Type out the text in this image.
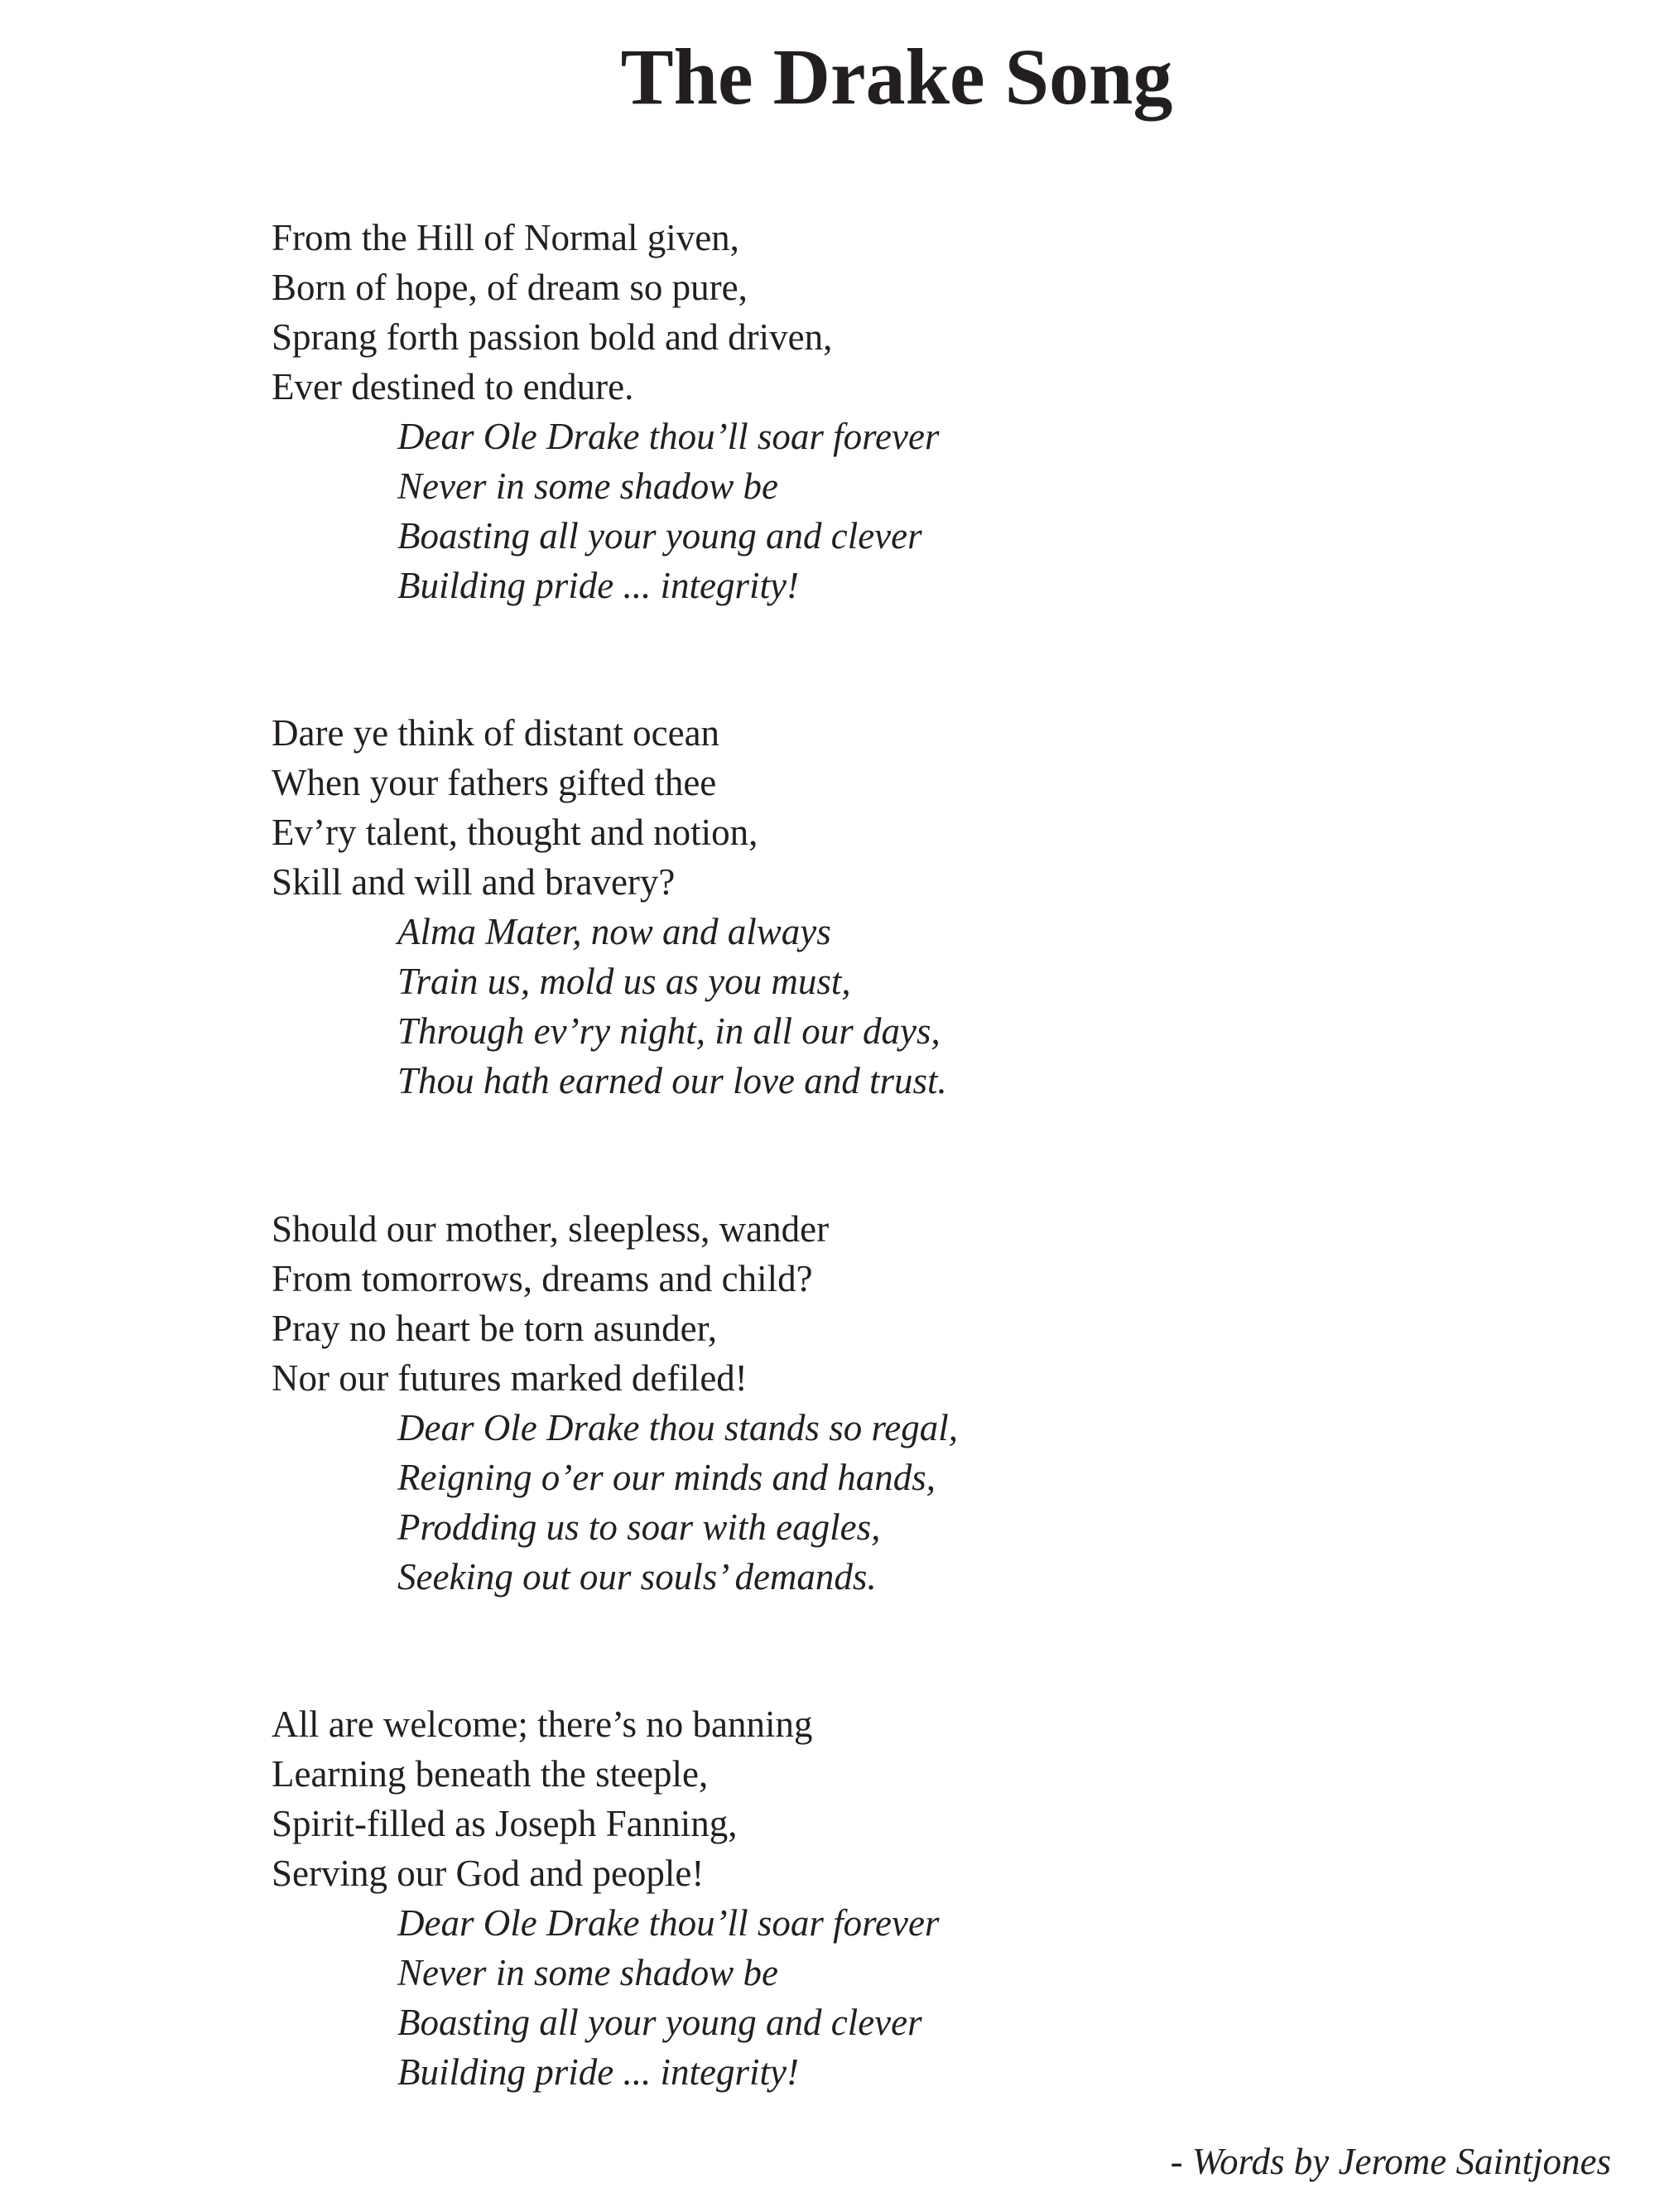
The Drake Song
From the Hill of Normal given,
Born of hope, of dream so pure,
Sprang forth passion bold and driven,
Ever destined to endure.
Dear Ole Drake thou’ll soar forever
Never in some shadow be
Boasting all your young and clever
Building pride ... integrity!
Dare ye think of distant ocean
When your fathers gifted thee
Ev’ry talent, thought and notion,
Skill and will and bravery?
Alma Mater, now and always
Train us, mold us as you must,
Through ev’ry night, in all our days,
Thou hath earned our love and trust.
Should our mother, sleepless, wander
From tomorrows, dreams and child?
Pray no heart be torn asunder,
Nor our futures marked defiled!
Dear Ole Drake thou stands so regal,
Reigning o’er our minds and hands,
Prodding us to soar with eagles,
Seeking out our souls’ demands.
All are welcome; there’s no banning
Learning beneath the steeple,
Spirit-filled as Joseph Fanning,
Serving our God and people!
Dear Ole Drake thou’ll soar forever
Never in some shadow be
Boasting all your young and clever
Building pride ... integrity!
- Words by Jerome Saintjones
